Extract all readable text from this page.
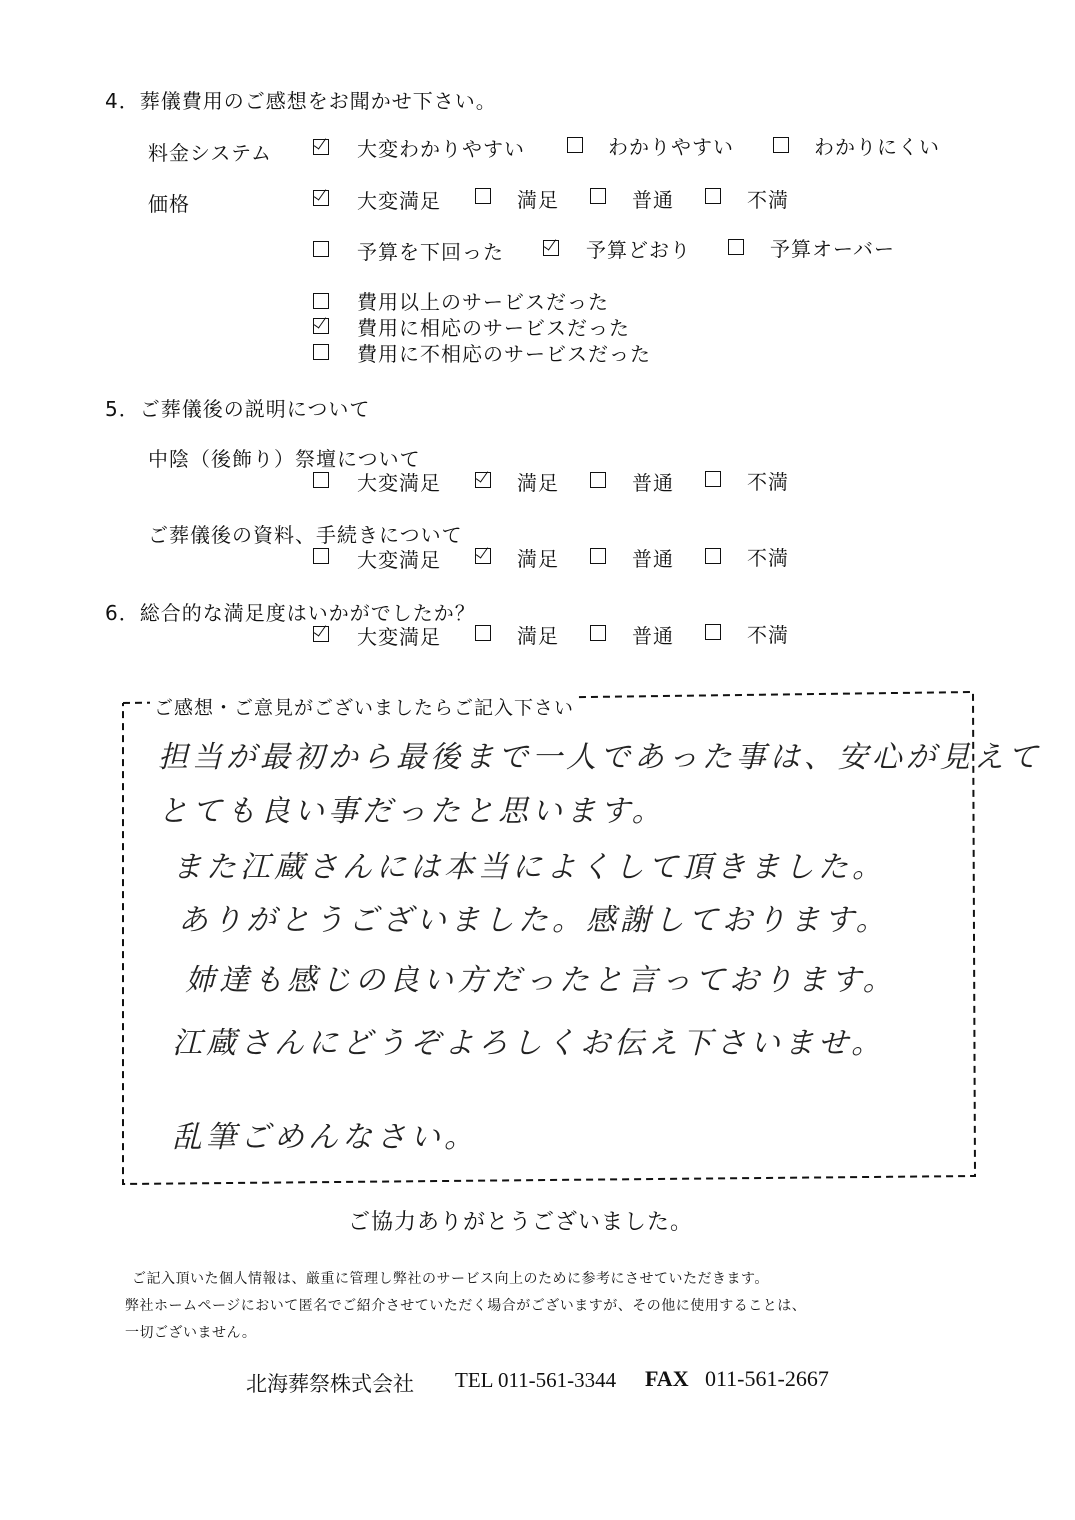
4．葬儀費用のご感想をお聞かせ下さい。
料金システム	大変わかりやすい	わかりやすい	わかりにくい
価格	大変満足	満足	普通	不満
予算を下回った	予算どおり	予算オーバー
費用以上のサービスだった
費用に相応のサービスだった
費用に不相応のサービスだった
5．ご葬儀後の説明について
中陰（後飾り）祭壇について
大変満足	満足	普通	不満
ご葬儀後の資料、手続きについて
大変満足	満足	普通	不満
6．総合的な満足度はいかがでしたか？
大変満足	満足	普通	不満
ご感想・ご意見がございましたらご記入下さい
担当が最初から最後まで一人であった事は、安心が見えて
とても良い事だったと思います。
また江蔵さんには本当によくして頂きました。
ありがとうございました。感謝しております。
姉達も感じの良い方だったと言っております。
江蔵さんにどうぞよろしくお伝え下さいませ。
乱筆ごめんなさい。
ご協力ありがとうございました。
ご記入頂いた個人情報は、厳重に管理し弊社のサービス向上のために参考にさせていただきます。
弊社ホームページにおいて匿名でご紹介させていただく場合がございますが、その他に使用することは、
一切ございません。
北海葬祭株式会社 TEL 011-561-3344 FAX 011-561-2667
